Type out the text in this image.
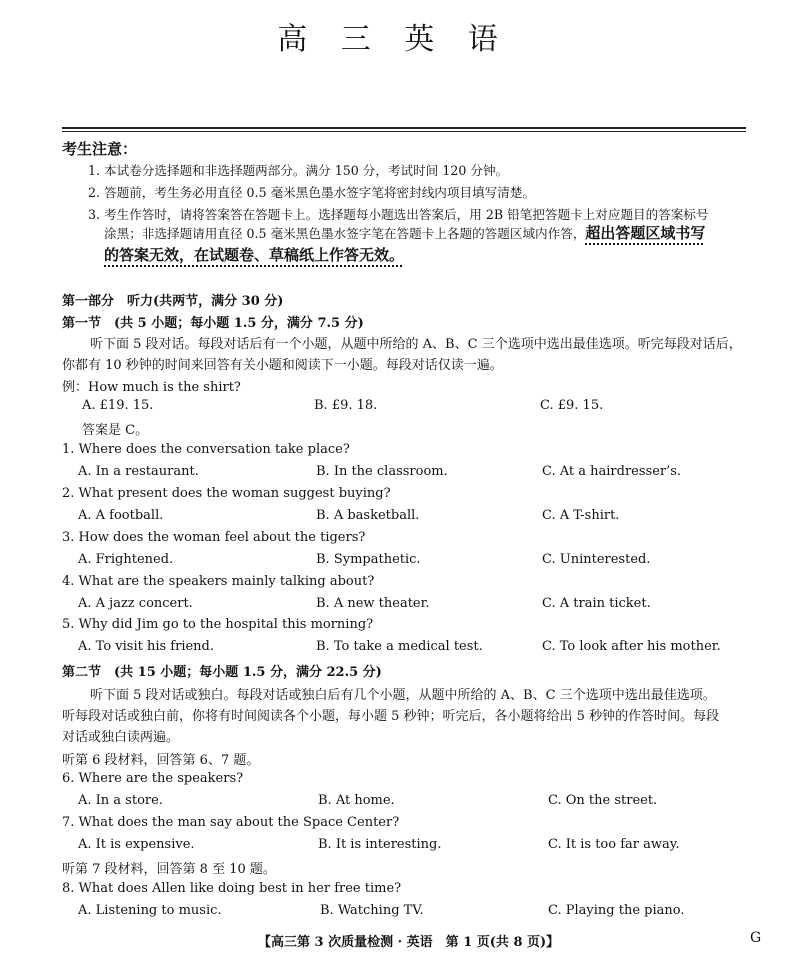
高 三 英 语
考生注意：
1. 本试卷分选择题和非选择题两部分。满分 150 分，考试时间 120 分钟。
2. 答题前，考生务必用直径 0.5 毫米黑色墨水签字笔将密封线内项目填写清楚。
3. 考生作答时，请将答案答在答题卡上。选择题每小题选出答案后，用 2B 铅笔把答题卡上对应题目的答案标号
涂黑；非选择题请用直径 0.5 毫米黑色墨水签字笔在答题卡上各题的答题区域内作答，超出答题区域书写
的答案无效，在试题卷、草稿纸上作答无效。
第一部分　听力(共两节，满分 30 分)
第一节　(共 5 小题；每小题 1.5 分，满分 7.5 分)
听下面 5 段对话。每段对话后有一个小题，从题中所给的 A、B、C 三个选项中选出最佳选项。听完每段对话后，
你都有 10 秒钟的时间来回答有关小题和阅读下一小题。每段对话仅读一遍。
例：How much is the shirt?
A. £19. 15.	B. £9. 18.	C. £9. 15.
答案是 C。
1. Where does the conversation take place?
A. In a restaurant.	B. In the classroom.	C. At a hairdresser’s.
2. What present does the woman suggest buying?
A. A football.	B. A basketball.	C. A T-shirt.
3. How does the woman feel about the tigers?
A. Frightened.	B. Sympathetic.	C. Uninterested.
4. What are the speakers mainly talking about?
A. A jazz concert.	B. A new theater.	C. A train ticket.
5. Why did Jim go to the hospital this morning?
A. To visit his friend.	B. To take a medical test.	C. To look after his mother.
第二节　(共 15 小题；每小题 1.5 分，满分 22.5 分)
听下面 5 段对话或独白。每段对话或独白后有几个小题，从题中所给的 A、B、C 三个选项中选出最佳选项。
听每段对话或独白前，你将有时间阅读各个小题，每小题 5 秒钟；听完后，各小题将给出 5 秒钟的作答时间。每段
对话或独白读两遍。
听第 6 段材料，回答第 6、7 题。
6. Where are the speakers?
A. In a store.	B. At home.	C. On the street.
7. What does the man say about the Space Center?
A. It is expensive.	B. It is interesting.	C. It is too far away.
听第 7 段材料，回答第 8 至 10 题。
8. What does Allen like doing best in her free time?
A. Listening to music.	B. Watching TV.	C. Playing the piano.
【高三第 3 次质量检测 · 英语　第 1 页(共 8 页)】	G
